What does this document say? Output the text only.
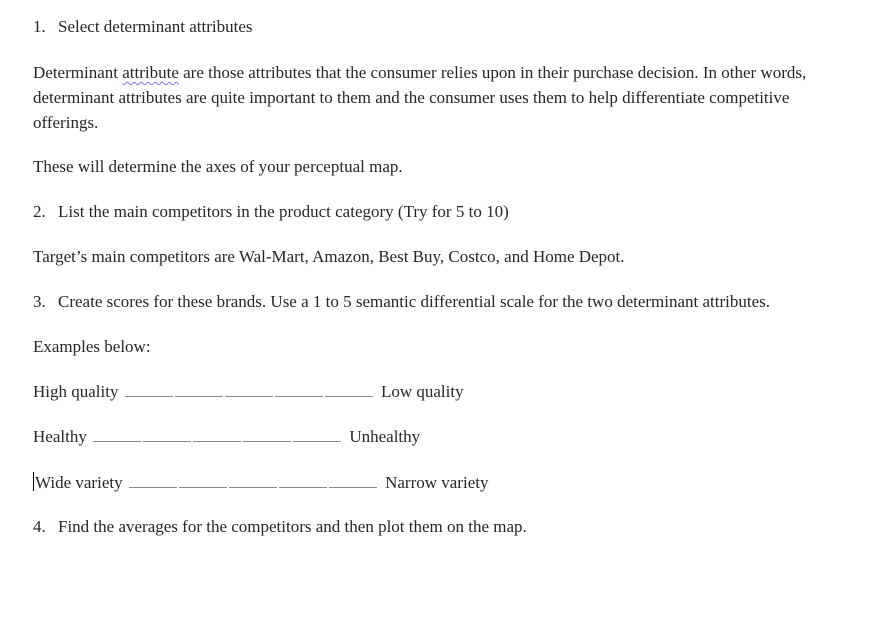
1. Select determinant attributes
Determinant attribute are those attributes that the consumer relies upon in their purchase decision. In other words, determinant attributes are quite important to them and the consumer uses them to help differentiate competitive offerings.
These will determine the axes of your perceptual map.
2. List the main competitors in the product category (Try for 5 to 10)
Target’s main competitors are Wal-Mart, Amazon, Best Buy, Costco, and Home Depot.
3. Create scores for these brands. Use a 1 to 5 semantic differential scale for the two determinant attributes.
Examples below:
High quality	Low quality
Healthy	Unhealthy
Wide variety	Narrow variety
4. Find the averages for the competitors and then plot them on the map.
